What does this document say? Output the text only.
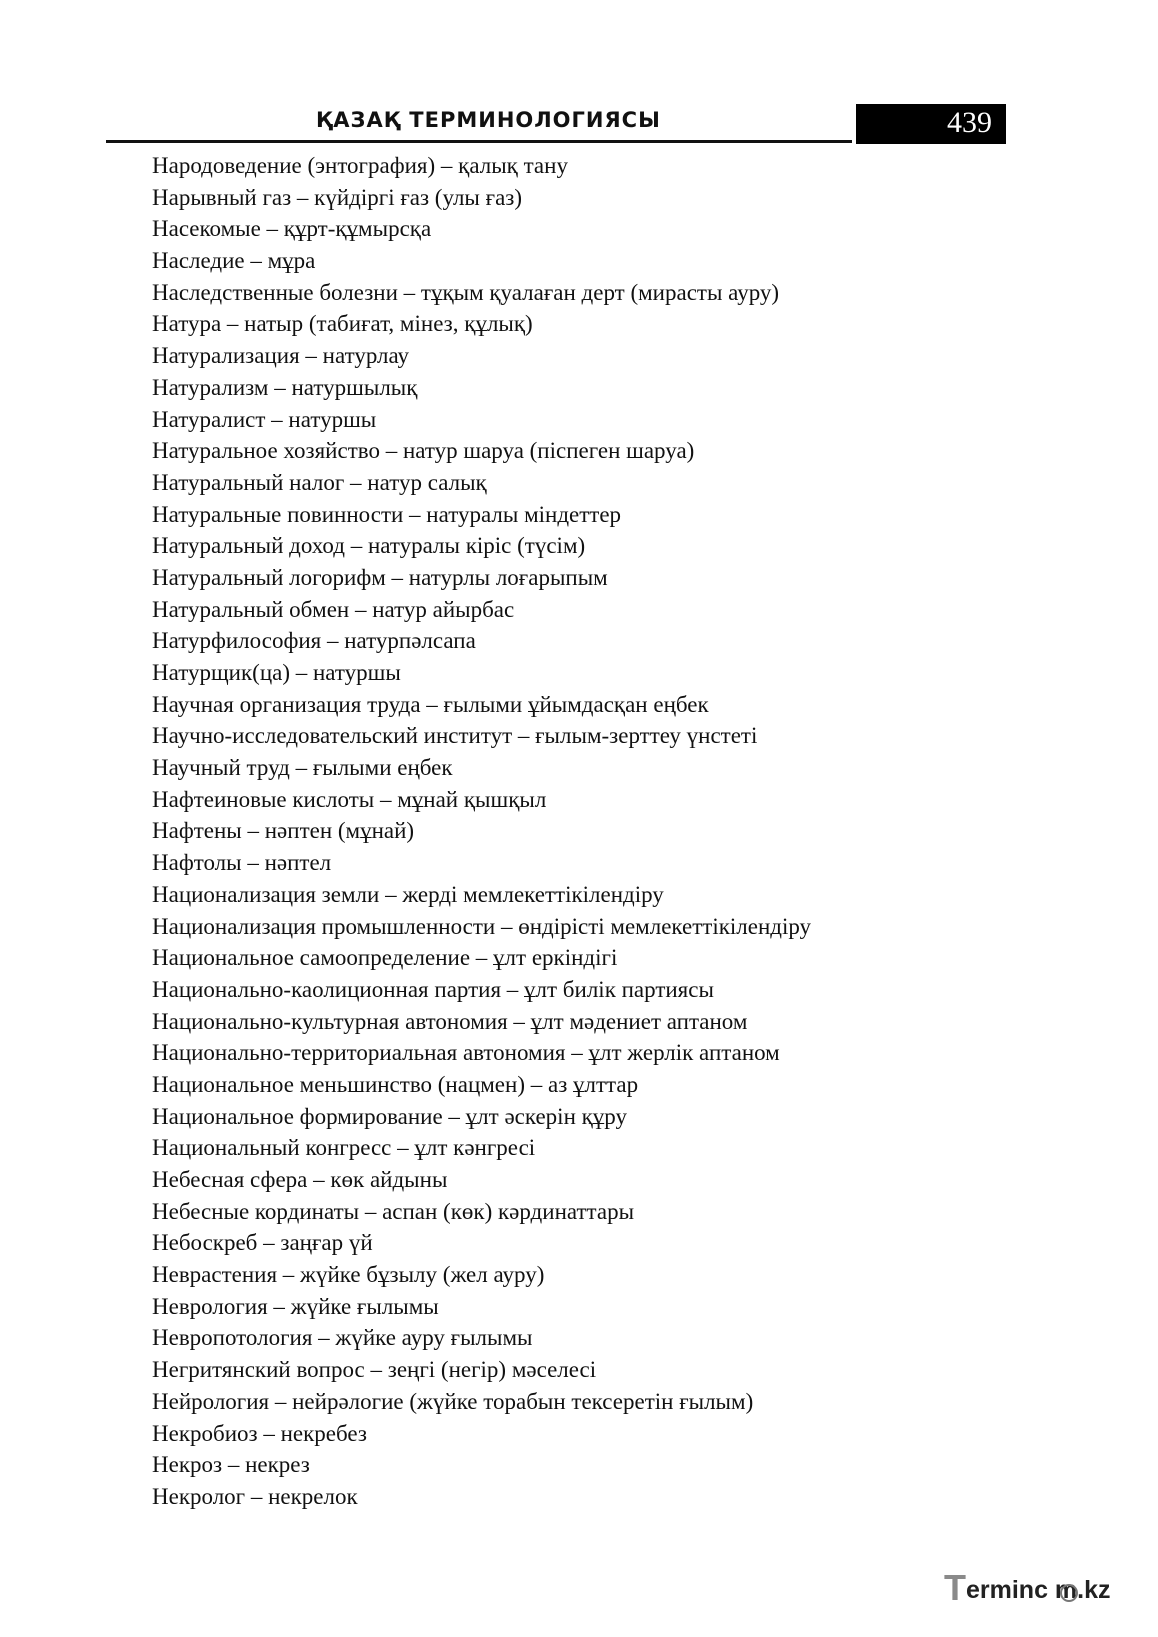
ҚАЗАҚ ТЕРМИНОЛОГИЯСЫ	439
Народоведение (энтография) – қалық тану
Нарывный газ – күйдіргі ғаз (улы ғаз)
Насекомые – құрт-құмырсқа
Наследие – мұра
Наследственные болезни – тұқым қуалаған дерт (мирасты ауру)
Натура – натыр (табиғат, мінез, құлық)
Натурализация – натурлау
Натурализм – натуршылық
Натуралист – натуршы
Натуральное хозяйство – натур шаруа (піспеген шаруа)
Натуральный налог – натур салық
Натуральные повинности – натуралы міндеттер
Натуральный доход – натуралы кіріс (түсім)
Натуральный логорифм – натурлы лоғарыпым
Натуральный обмен – натур айырбас
Натурфилософия – натурпәлсапа
Натурщик(ца) – натуршы
Научная организация труда – ғылыми ұйымдасқан еңбек
Научно-исследовательский институт – ғылым-зерттеу үнстеті
Научный труд – ғылыми еңбек
Нафтеиновые кислоты – мұнай қышқыл
Нафтены – нәптен (мұнай)
Нафтолы – нәптел
Национализация земли – жерді мемлекеттікілендіру
Национализация промышленности – өндірісті мемлекеттікілендіру
Национальное самоопределение – ұлт еркіндігі
Национально-каолиционная партия – ұлт билік партиясы
Национально-культурная автономия – ұлт мәдениет аптаном
Национально-территориальная автономия – ұлт жерлік аптаном
Национальное меньшинство (нацмен) – аз ұлттар
Национальное формирование – ұлт әскерін құру
Национальный конгресс – ұлт кәнгресі
Небесная сфера – көк айдыны
Небесные кординаты – аспан (көк) кәрдинаттары
Небоскреб – заңғар үй
Неврастения – жүйке бұзылу (жел ауру)
Неврология – жүйке ғылымы
Невропотология – жүйке ауру ғылымы
Негритянский вопрос – зеңгі (негір) мәселесі
Нейрология – нейрәлогие (жүйке торабын тексеретін ғылым)
Некробиоз – некребез
Некроз – некрез
Некролог – некрелок
T erminc m.kz
